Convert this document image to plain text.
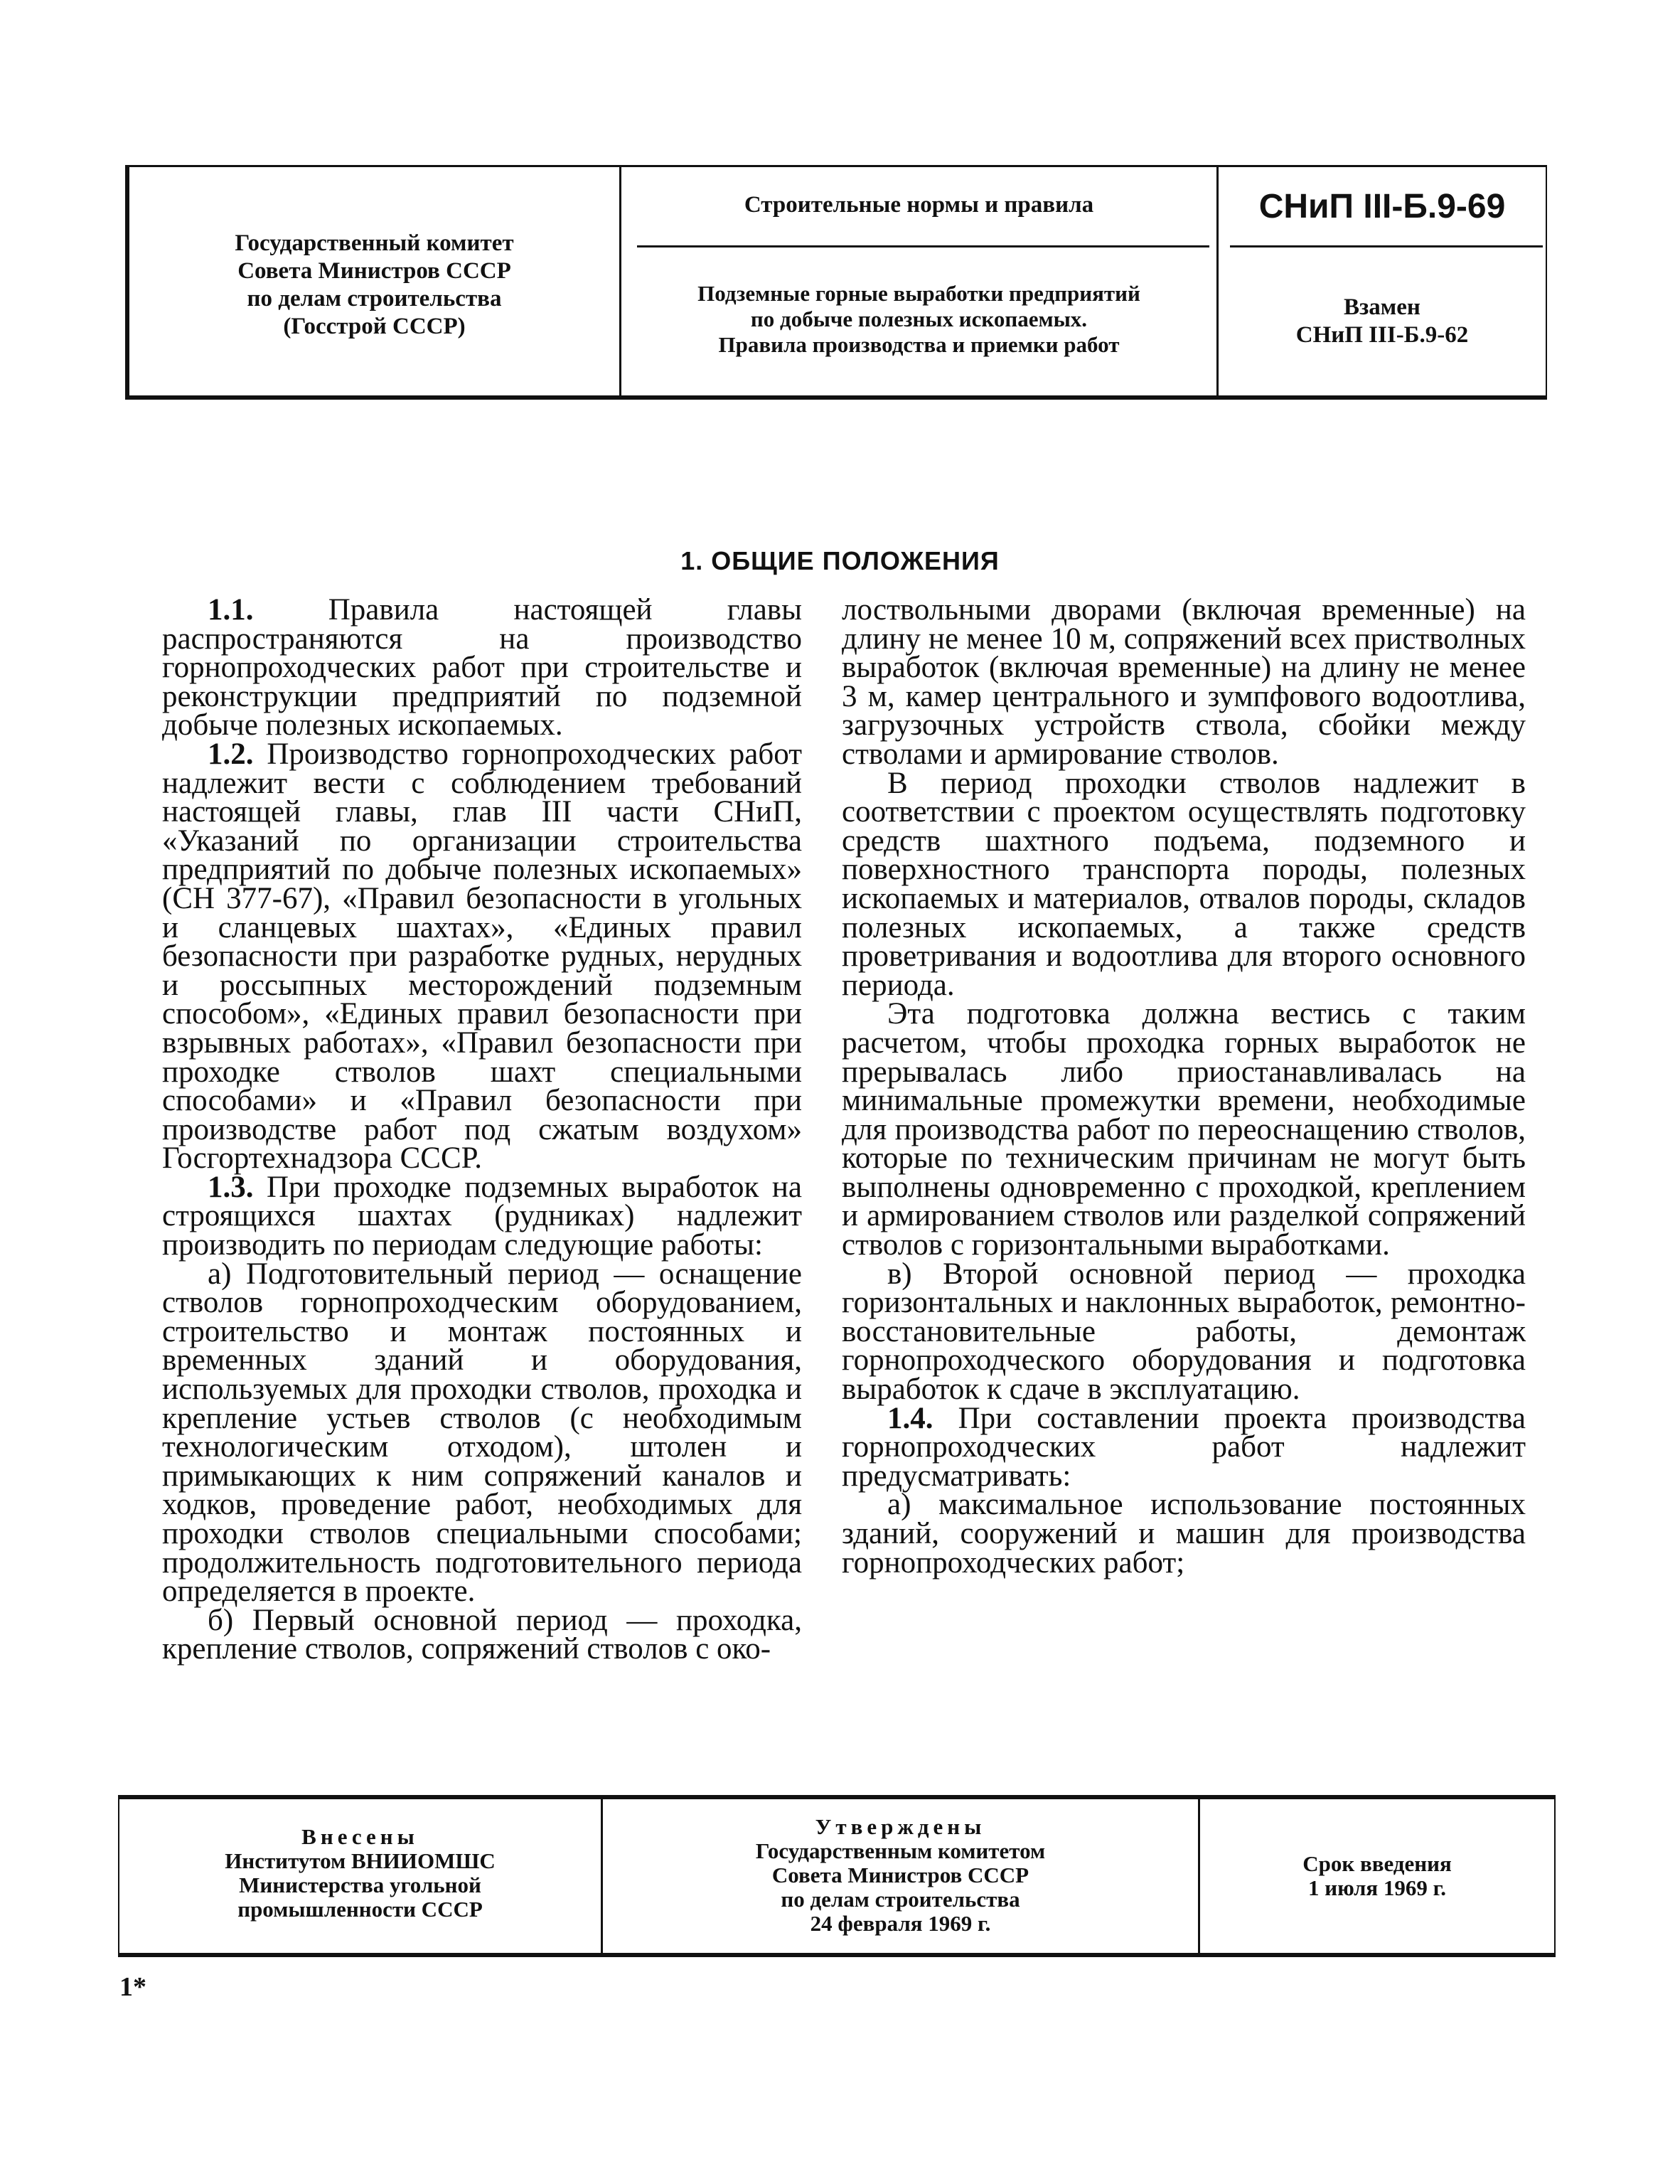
Государственный комитет
Совета Министров СССР
по делам строительства
(Госстрой СССР)
Строительные нормы и правила
Подземные горные выработки предприятий
по добыче полезных ископаемых.
Правила производства и приемки работ
СНиП III-Б.9-69
Взамен
СНиП III-Б.9-62
1. ОБЩИЕ ПОЛОЖЕНИЯ

1.1. Правила настоящей главы распространяются на производство горнопроходческих работ при строительстве и реконструкции предприятий по подземной добыче полезных ископаемых.

1.2. Производство горнопроходческих работ надлежит вести с соблюдением требований настоящей главы, глав III части СНиП, «Указаний по организации строительства предприятий по добыче полезных ископаемых» (СН 377-67), «Правил безопасности в угольных и сланцевых шахтах», «Единых правил безопасности при разработке рудных, нерудных и россыпных месторождений подземным способом», «Единых правил безопасности при взрывных работах», «Правил безопасности при проходке стволов шахт специальными способами» и «Правил безопасности при производстве работ под сжатым воздухом» Госгортехнадзора СССР.

1.3. При проходке подземных выработок на строящихся шахтах (рудниках) надлежит производить по периодам следующие работы:

а) Подготовительный период — оснащение стволов горнопроходческим оборудованием, строительство и монтаж постоянных и временных зданий и оборудования, используемых для проходки стволов, проходка и крепление устьев стволов (с необходимым технологическим отходом), штолен и примыкающих к ним сопряжений каналов и ходков, проведение работ, необходимых для проходки стволов специальными способами; продолжительность подготовительного периода определяется в проекте.

б) Первый основной период — проходка, крепление стволов, сопряжений стволов с око-

лоствольными дворами (включая временные) на длину не менее 10 м, сопряжений всех пристволных выработок (включая временные) на длину не менее 3 м, камер центрального и зумпфового водоотлива, загрузочных устройств ствола, сбойки между стволами и армирование стволов.

В период проходки стволов надлежит в соответствии с проектом осуществлять подготовку средств шахтного подъема, подземного и поверхностного транспорта породы, полезных ископаемых и материалов, отвалов породы, складов полезных ископаемых, а также средств проветривания и водоотлива для второго основного периода.

Эта подготовка должна вестись с таким расчетом, чтобы проходка горных выработок не прерывалась либо приостанавливалась на минимальные промежутки времени, необходимые для производства работ по переоснащению стволов, которые по техническим причинам не могут быть выполнены одновременно с проходкой, креплением и армированием стволов или разделкой сопряжений стволов с горизонтальными выработками.

в) Второй основной период — проходка горизонтальных и наклонных выработок, ремонтно-восстановительные работы, демонтаж горнопроходческого оборудования и подготовка выработок к сдаче в эксплуатацию.

1.4. При составлении проекта производства горнопроходческих работ надлежит предусматривать:

а) максимальное использование постоянных зданий, сооружений и машин для производства горнопроходческих работ;

Внесены
Институтом ВНИИОМШС
Министерства угольной
промышленности СССР
Утверждены
Государственным комитетом
Совета Министров СССР
по делам строительства
24 февраля 1969 г.
Срок введения
1 июля 1969 г.
1*
